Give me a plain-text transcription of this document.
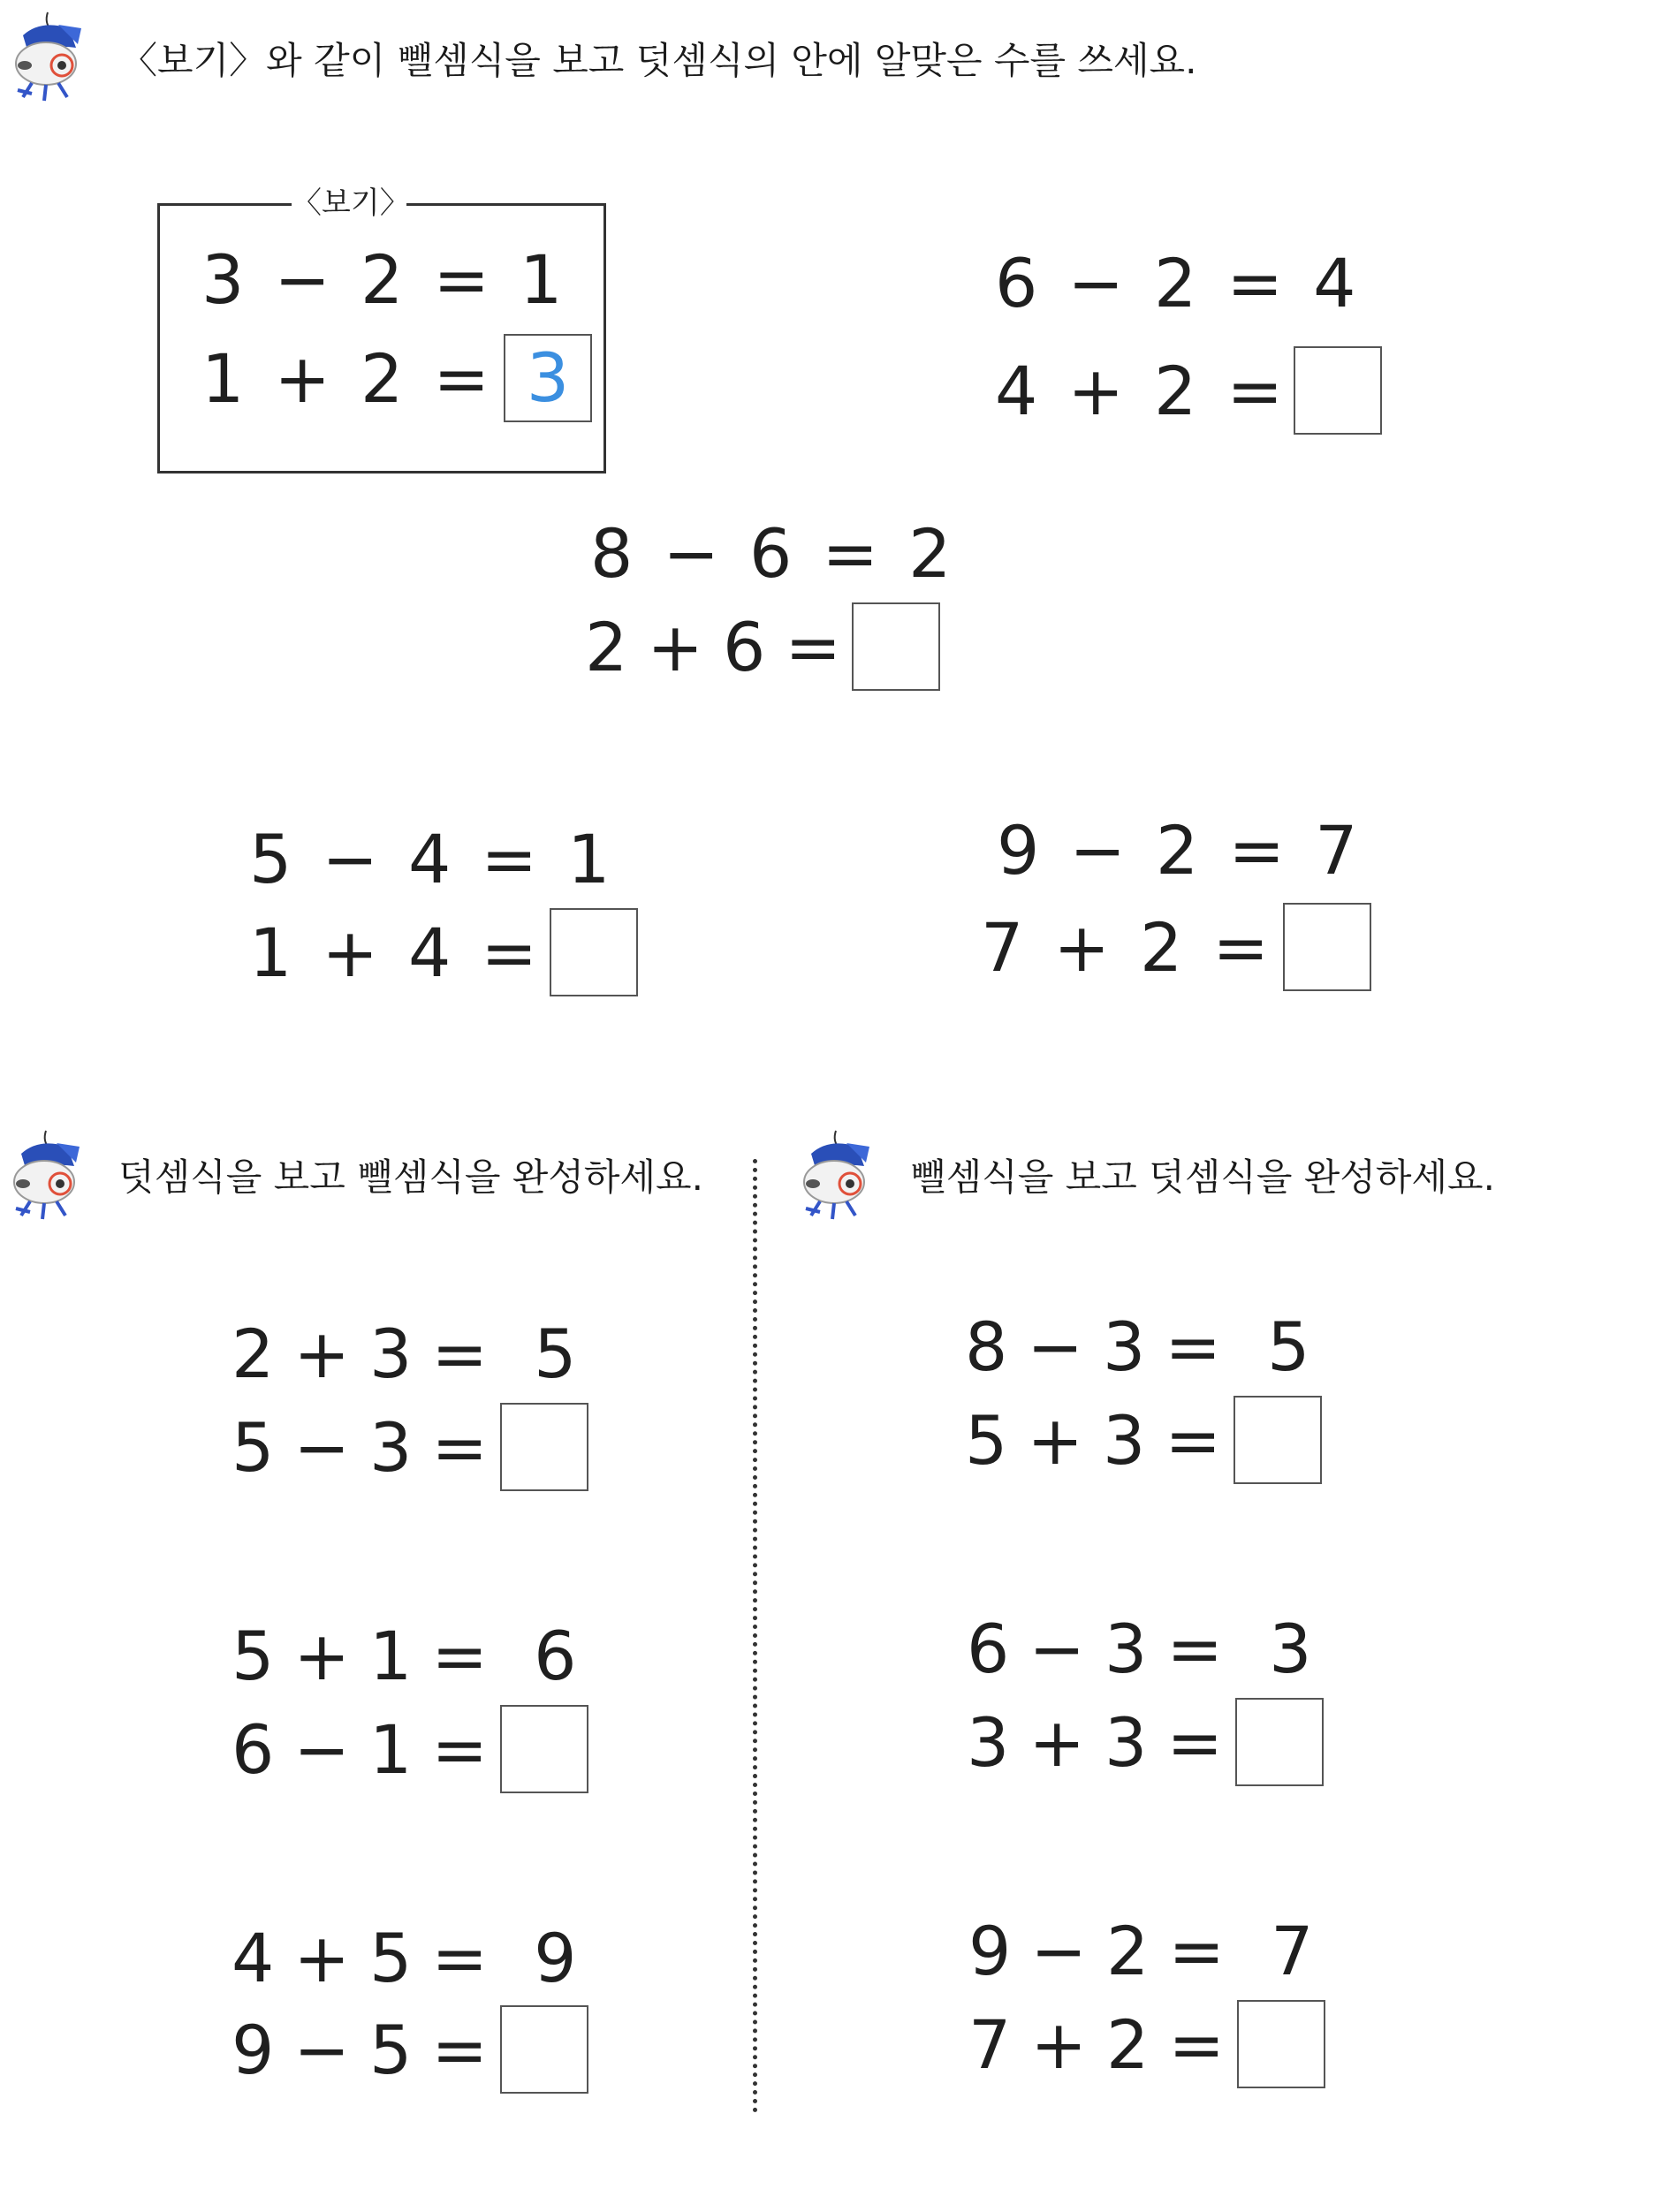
〈보기〉와 같이 뺄셈식을 보고 덧셈식의 안에 알맞은 수를 쓰세요.
〈보기〉
3 − 2 = 1
1 + 2 = 3
6 − 2 = 4
4 + 2 =
8 − 6 = 2
2 + 6 =
5 − 4 = 1
1 + 4 =
9 − 2 = 7
7 + 2 =
덧셈식을 보고 뺄셈식을 완성하세요.	뺄셈식을 보고 덧셈식을 완성하세요.
2 + 3 = 5
5 − 3 =
5 + 1 = 6
6 − 1 =
4 + 5 = 9
9 − 5 =
8 − 3 = 5
5 + 3 =
6 − 3 = 3
3 + 3 =
9 − 2 = 7
7 + 2 =
